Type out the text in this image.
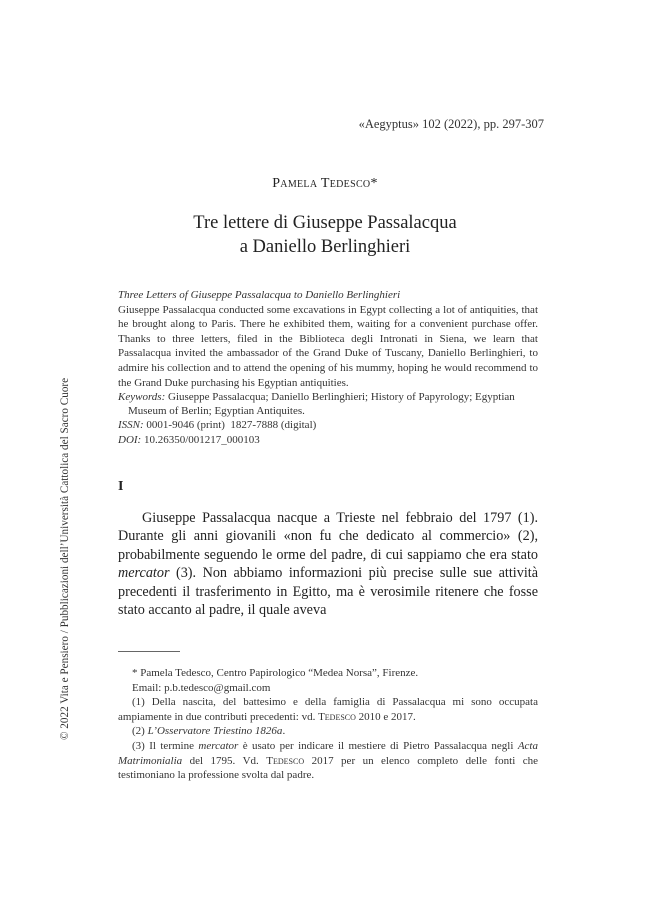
«Aegyptus» 102 (2022), pp. 297-307
Pamela Tedesco*
Tre lettere di Giuseppe Passalacqua
a Daniello Berlinghieri
Three Letters of Giuseppe Passalacqua to Daniello Berlinghieri
Giuseppe Passalacqua conducted some excavations in Egypt collecting a lot of antiquities, that he brought along to Paris. There he exhibited them, waiting for a convenient purchase offer. Thanks to three letters, filed in the Biblioteca degli Intronati in Siena, we learn that Passalacqua invited the ambassador of the Grand Duke of Tuscany, Daniello Berlinghieri, to admire his collection and to attend the opening of his mummy, hoping he would recommend to the Grand Duke purchasing his Egyptian antiquities.
Keywords: Giuseppe Passalacqua; Daniello Berlinghieri; History of Papyrology; Egyptian
Museum of Berlin; Egyptian Antiquites.
ISSN: 0001-9046 (print)  1827-7888 (digital)
DOI: 10.26350/001217_000103
I

Giuseppe Passalacqua nacque a Trieste nel febbraio del 1797 (1). Durante gli anni giovanili «non fu che dedicato al commercio» (2), probabilmente seguendo le orme del padre, di cui sappiamo che era stato mercator (3). Non abbiamo informazioni più precise sulle sue attività precedenti il trasferimento in Egitto, ma è verosimile ritenere che fosse stato accanto al padre, il quale aveva

* Pamela Tedesco, Centro Papirologico “Medea Norsa”, Firenze.
Email: p.b.tedesco@gmail.com
(1) Della nascita, del battesimo e della famiglia di Passalacqua mi sono occupata ampiamente in due contributi precedenti: vd. Tedesco 2010 e 2017.
(2) L’Osservatore Triestino 1826a.
(3) Il termine mercator è usato per indicare il mestiere di Pietro Passalacqua negli Acta Matrimonialia del 1795. Vd. Tedesco 2017 per un elenco completo delle fonti che testimoniano la professione svolta dal padre.
© 2022 Vita e Pensiero / Pubblicazioni dell’Università Cattolica del Sacro Cuore
